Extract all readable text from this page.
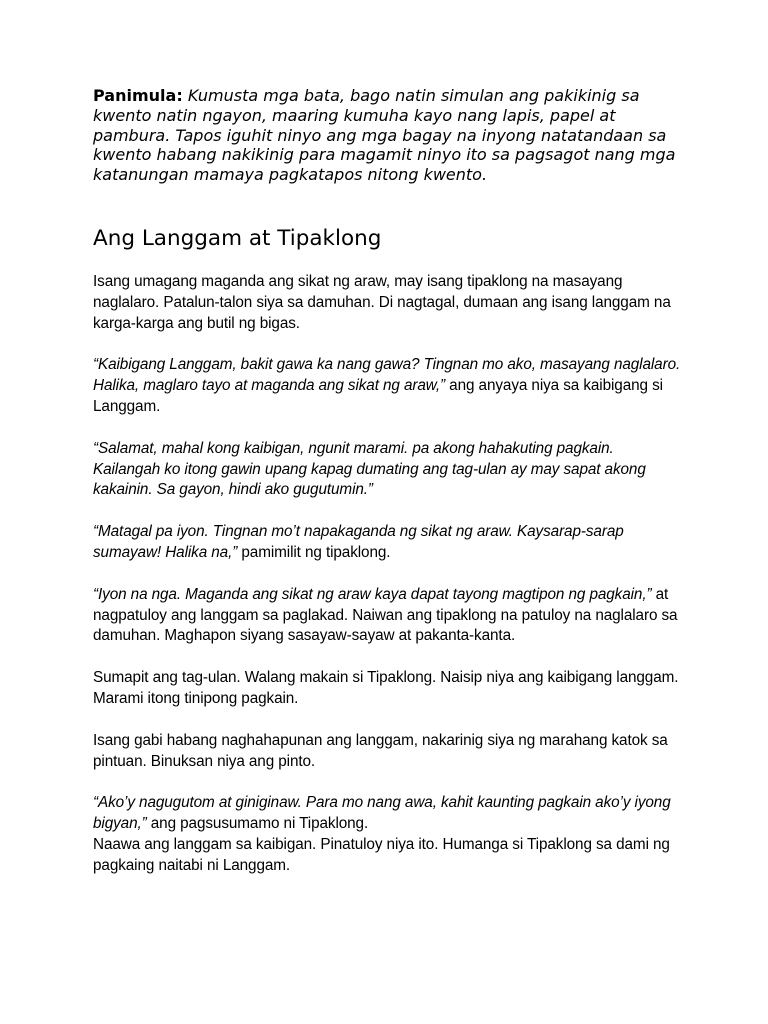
Panimula: Kumusta mga bata, bago natin simulan ang pakikinig sa kwento natin ngayon, maaring kumuha kayo nang lapis, papel at pambura. Tapos iguhit ninyo ang mga bagay na inyong natatandaan sa kwento habang nakikinig para magamit ninyo ito sa pagsagot nang mga katanungan mamaya pagkatapos nitong kwento.

Ang Langgam at Tipaklong

Isang umagang maganda ang sikat ng araw, may isang tipaklong na masayang naglalaro. Patalun-talon siya sa damuhan. Di nagtagal, dumaan ang isang langgam na karga-karga ang butil ng bigas.

“Kaibigang Langgam, bakit gawa ka nang gawa? Tingnan mo ako, masayang naglalaro. Halika, maglaro tayo at maganda ang sikat ng araw,” ang anyaya niya sa kaibigang si Langgam.

“Salamat, mahal kong kaibigan, ngunit marami. pa akong hahakuting pagkain. Kailangah ko itong gawin upang kapag dumating ang tag-ulan ay may sapat akong kakainin. Sa gayon, hindi ako gugutumin.”

“Matagal pa iyon. Tingnan mo’t napakaganda ng sikat ng araw. Kaysarap-sarap sumayaw! Halika na,” pamimilit ng tipaklong.

“Iyon na nga. Maganda ang sikat ng araw kaya dapat tayong magtipon ng pagkain,” at nagpatuloy ang langgam sa paglakad. Naiwan ang tipaklong na patuloy na naglalaro sa damuhan. Maghapon siyang sasayaw-sayaw at pakanta-kanta.

Sumapit ang tag-ulan. Walang makain si Tipaklong. Naisip niya ang kaibigang langgam. Marami itong tinipong pagkain.

Isang gabi habang naghahapunan ang langgam, nakarinig siya ng marahang katok sa pintuan. Binuksan niya ang pinto.

“Ako’y nagugutom at giniginaw. Para mo nang awa, kahit kaunting pagkain ako’y iyong bigyan,” ang pagsusumamo ni Tipaklong.

Naawa ang langgam sa kaibigan. Pinatuloy niya ito. Humanga si Tipaklong sa dami ng pagkaing naitabi ni Langgam.
